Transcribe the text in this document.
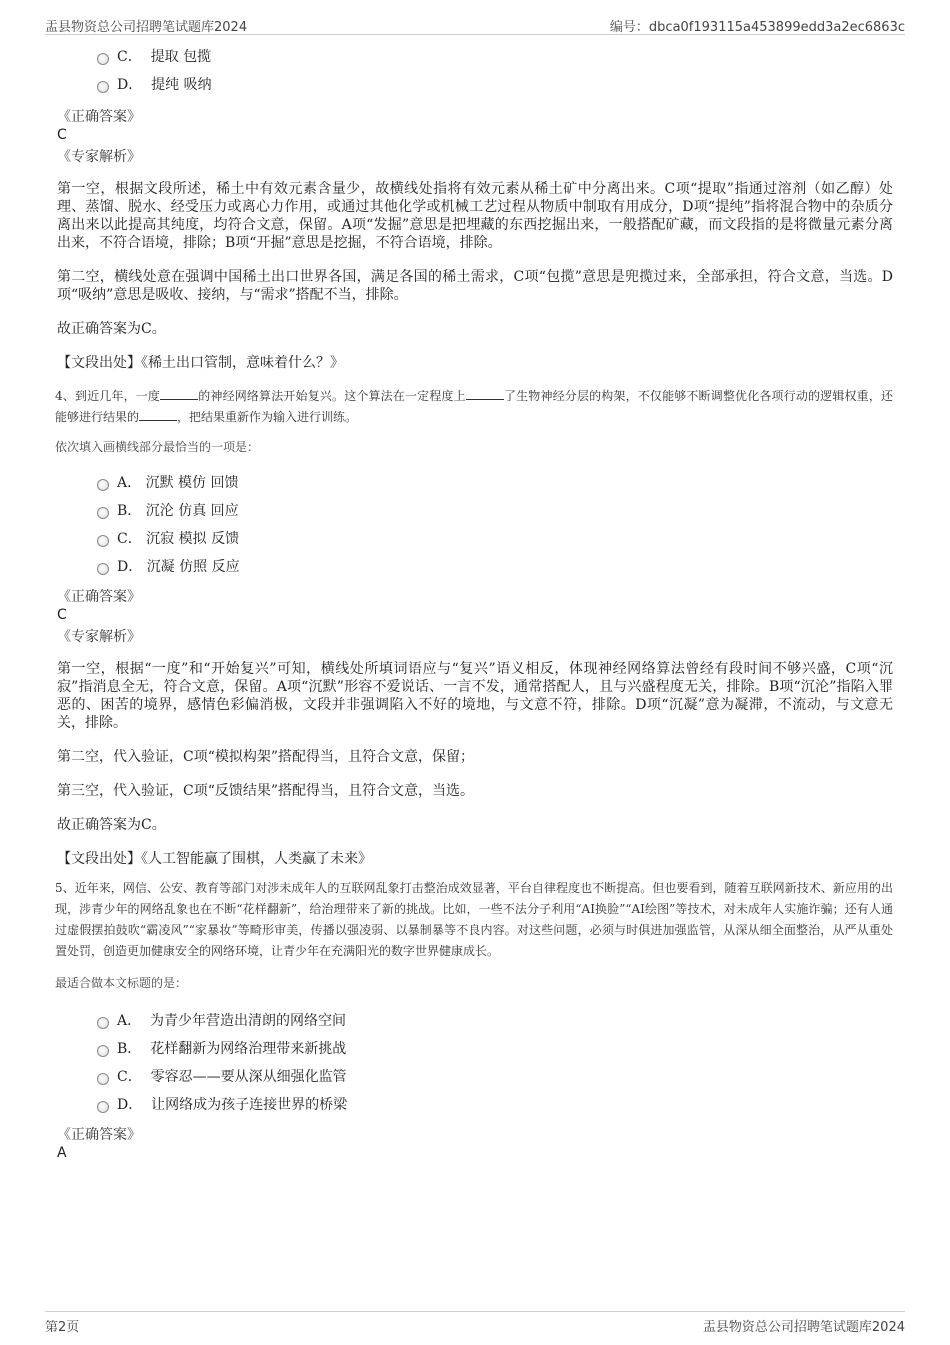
盂县物资总公司招聘笔试题库2024	编号：dbca0f193115a453899edd3a2ec6863c
C． 提取 包揽
D． 提纯 吸纳
《正确答案》
C
《专家解析》

第一空，根据文段所述，稀土中有效元素含量少，故横线处指将有效元素从稀土矿中分离出来。C项“提取”指通过溶剂（如乙醇）处理、蒸馏、脱水、经受压力或离心力作用，或通过其他化学或机械工艺过程从物质中制取有用成分，D项“提纯”指将混合物中的杂质分离出来以此提高其纯度，均符合文意，保留。A项“发掘”意思是把埋藏的东西挖掘出来，一般搭配矿藏，而文段指的是将微量元素分离出来，不符合语境，排除；B项“开掘”意思是挖掘，不符合语境，排除。

第二空，横线处意在强调中国稀土出口世界各国，满足各国的稀土需求，C项“包揽”意思是兜揽过来，全部承担，符合文意，当选。D项“吸纳”意思是吸收、接纳，与“需求”搭配不当，排除。

故正确答案为C。

【文段出处】《稀土出口管制，意味着什么？》

4、到近几年，一度	的神经网络算法开始复兴。这个算法在一定程度上	了生物神经分层的构架，不仅能够不断调整优化各项行动的逻辑权重，还能够进行结果的	，把结果重新作为输入进行训练。

依次填入画横线部分最恰当的一项是：
A． 沉默 模仿 回馈
B． 沉沦 仿真 回应
C． 沉寂 模拟 反馈
D． 沉凝 仿照 反应
《正确答案》
C
《专家解析》

第一空，根据“一度”和“开始复兴”可知，横线处所填词语应与“复兴”语义相反，体现神经网络算法曾经有段时间不够兴盛，C项“沉寂”指消息全无，符合文意，保留。A项“沉默”形容不爱说话、一言不发，通常搭配人，且与兴盛程度无关，排除。B项“沉沦”指陷入罪恶的、困苦的境界，感情色彩偏消极，文段并非强调陷入不好的境地，与文意不符，排除。D项“沉凝”意为凝滞，不流动，与文意无关，排除。

第二空，代入验证，C项“模拟构架”搭配得当，且符合文意，保留；

第三空，代入验证，C项“反馈结果”搭配得当，且符合文意，当选。

故正确答案为C。

【文段出处】《人工智能赢了围棋，人类赢了未来》

5、近年来，网信、公安、教育等部门对涉未成年人的互联网乱象打击整治成效显著，平台自律程度也不断提高。但也要看到，随着互联网新技术、新应用的出现，涉青少年的网络乱象也在不断“花样翻新”，给治理带来了新的挑战。比如，一些不法分子利用“AI换脸”“AI绘图”等技术，对未成年人实施诈骗；还有人通过虚假摆拍鼓吹“霸凌风”“家暴妆”等畸形审美，传播以强凌弱、以暴制暴等不良内容。对这些问题，必须与时俱进加强监管，从深从细全面整治，从严从重处置处罚，创造更加健康安全的网络环境，让青少年在充满阳光的数字世界健康成长。

最适合做本文标题的是：
A． 为青少年营造出清朗的网络空间
B． 花样翻新为网络治理带来新挑战
C． 零容忍——要从深从细强化监管
D． 让网络成为孩子连接世界的桥梁
《正确答案》
A
第2页	盂县物资总公司招聘笔试题库2024
